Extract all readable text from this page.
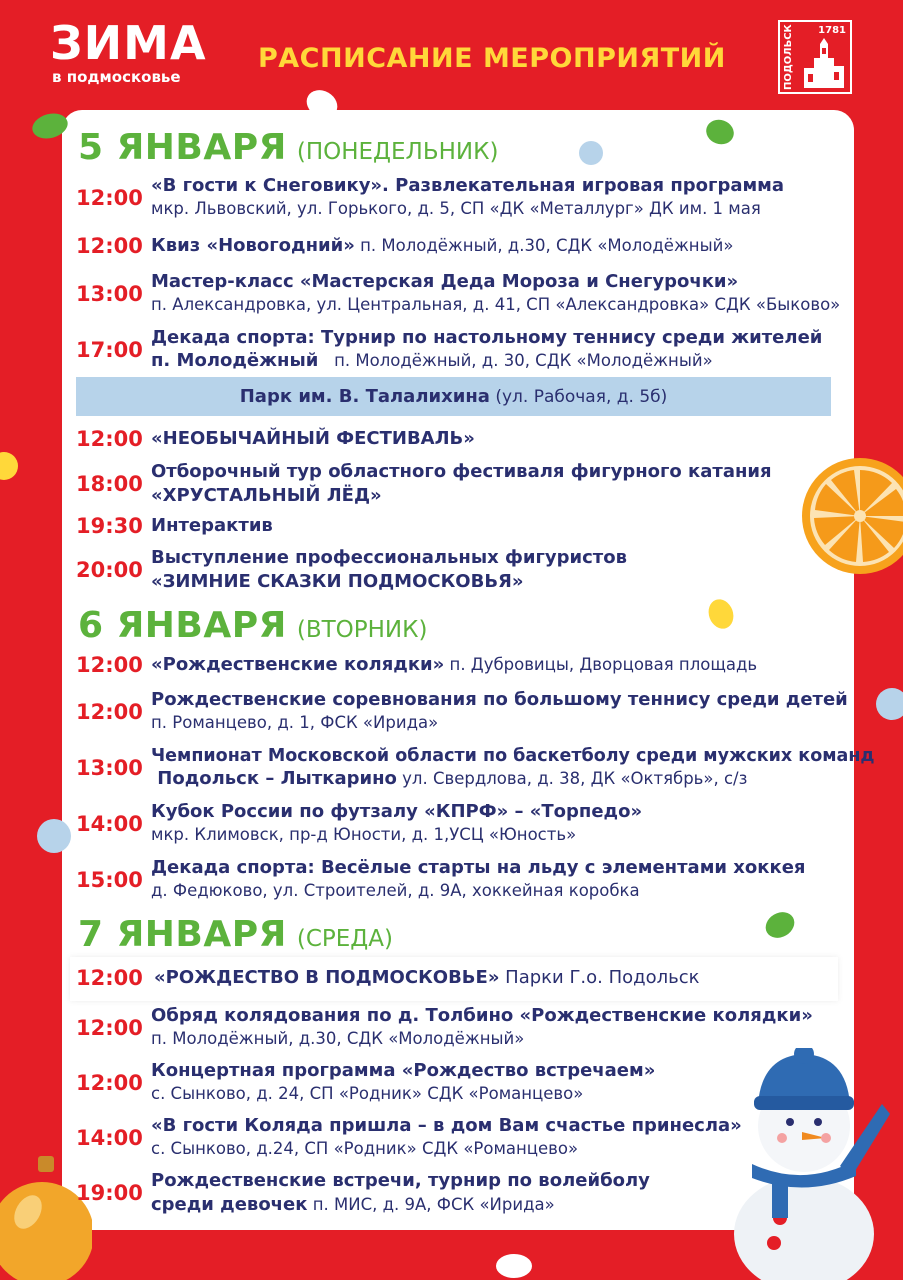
ЗИМА
в подмосковье
РАСПИСАНИЕ МЕРОПРИЯТИЙ	ПОДОЛЬСК 1781
5 ЯНВАРЯ (ПОНЕДЕЛЬНИК)
12:00
«В гости к Снеговику». Развлекательная игровая программа
мкр. Львовский, ул. Горького, д. 5, СП «ДК «Металлург» ДК им. 1 мая
12:00 Квиз «Новогодний» п. Молодёжный, д.30, СДК «Молодёжный»
13:00
Мастер-класс «Мастерская Деда Мороза и Снегурочки»
п. Александровка, ул. Центральная, д. 41, СП «Александровка» СДК «Быково»
17:00
Декада спорта: Турнир по настольному теннису среди жителей
п. Молодёжный   п. Молодёжный, д. 30, СДК «Молодёжный»
Парк им. В. Талалихина (ул. Рабочая, д. 5б)
12:00 «НЕОБЫЧАЙНЫЙ ФЕСТИВАЛЬ»
18:00
Отборочный тур областного фестиваля фигурного катания
«ХРУСТАЛЬНЫЙ ЛЁД»
19:30 Интерактив
20:00
Выступление профессиональных фигуристов
«ЗИМНИЕ СКАЗКИ ПОДМОСКОВЬЯ»
6 ЯНВАРЯ (ВТОРНИК)
12:00 «Рождественские колядки» п. Дубровицы, Дворцовая площадь
12:00
Рождественские соревнования по большому теннису среди детей
п. Романцево, д. 1, ФСК «Ирида»
13:00 Чемпионат Московской области по баскетболу среди мужских команд
Подольск – Лыткарино ул. Свердлова, д. 38, ДК «Октябрь», с/з
14:00
Кубок России по футзалу «КПРФ» – «Торпедо»
мкр. Климовск, пр-д Юности, д. 1,УСЦ «Юность»
15:00
Декада спорта: Весёлые старты на льду с элементами хоккея
д. Федюково, ул. Строителей, д. 9А, хоккейная коробка
7 ЯНВАРЯ (СРЕДА)
12:00 «РОЖДЕСТВО В ПОДМОСКОВЬЕ» Парки Г.о. Подольск
12:00
Обряд колядования по д. Толбино «Рождественские колядки»
п. Молодёжный, д.30, СДК «Молодёжный»
12:00
Концертная программа «Рождество встречаем»
с. Сынково, д. 24, СП «Родник» СДК «Романцево»
14:00
«В гости Коляда пришла – в дом Вам счастье принесла»
с. Сынково, д.24, СП «Родник» СДК «Романцево»
19:00
Рождественские встречи, турнир по волейболу
среди девочек п. МИС, д. 9А, ФСК «Ирида»
